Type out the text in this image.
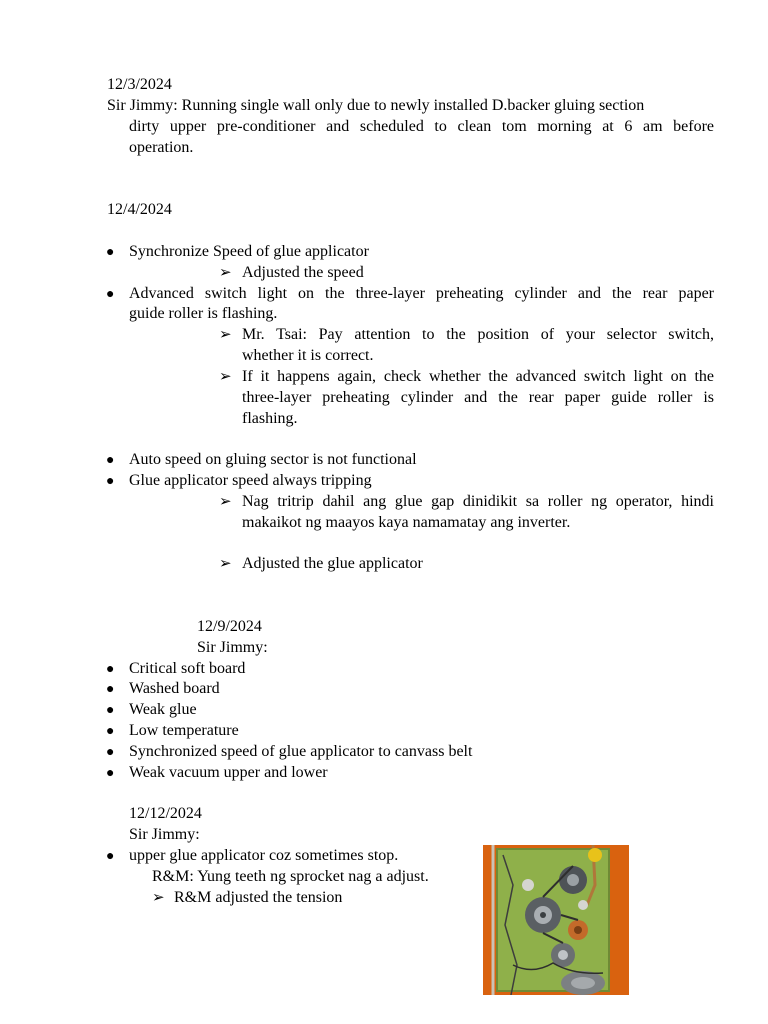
12/3/2024

Sir Jimmy: Running single wall only due to newly installed D.backer gluing section

dirty upper pre-conditioner and scheduled to clean tom morning at 6 am before

operation.

12/4/2024

● Synchronize Speed of glue applicator

➢ Adjusted the speed

● Advanced switch light on the three-layer preheating cylinder and the rear paper

guide roller is flashing.

➢ Mr. Tsai: Pay attention to the position of your selector switch,

whether it is correct.

➢ If it happens again, check whether the advanced switch light on the

three-layer preheating cylinder and the rear paper guide roller is

flashing.

● Auto speed on gluing sector is not functional

● Glue applicator speed always tripping

➢ Nag tritrip dahil ang glue gap dinidikit sa roller ng operator, hindi

makaikot ng maayos kaya namamatay ang inverter.

➢ Adjusted the glue applicator

12/9/2024

Sir Jimmy:

● Critical soft board

● Washed board

● Weak glue

● Low temperature

● Synchronized speed of glue applicator to canvass belt

● Weak vacuum upper and lower

12/12/2024

Sir Jimmy:

● upper glue applicator coz sometimes stop.

R&M: Yung teeth ng sprocket nag a adjust.

➢ R&M adjusted the tension
